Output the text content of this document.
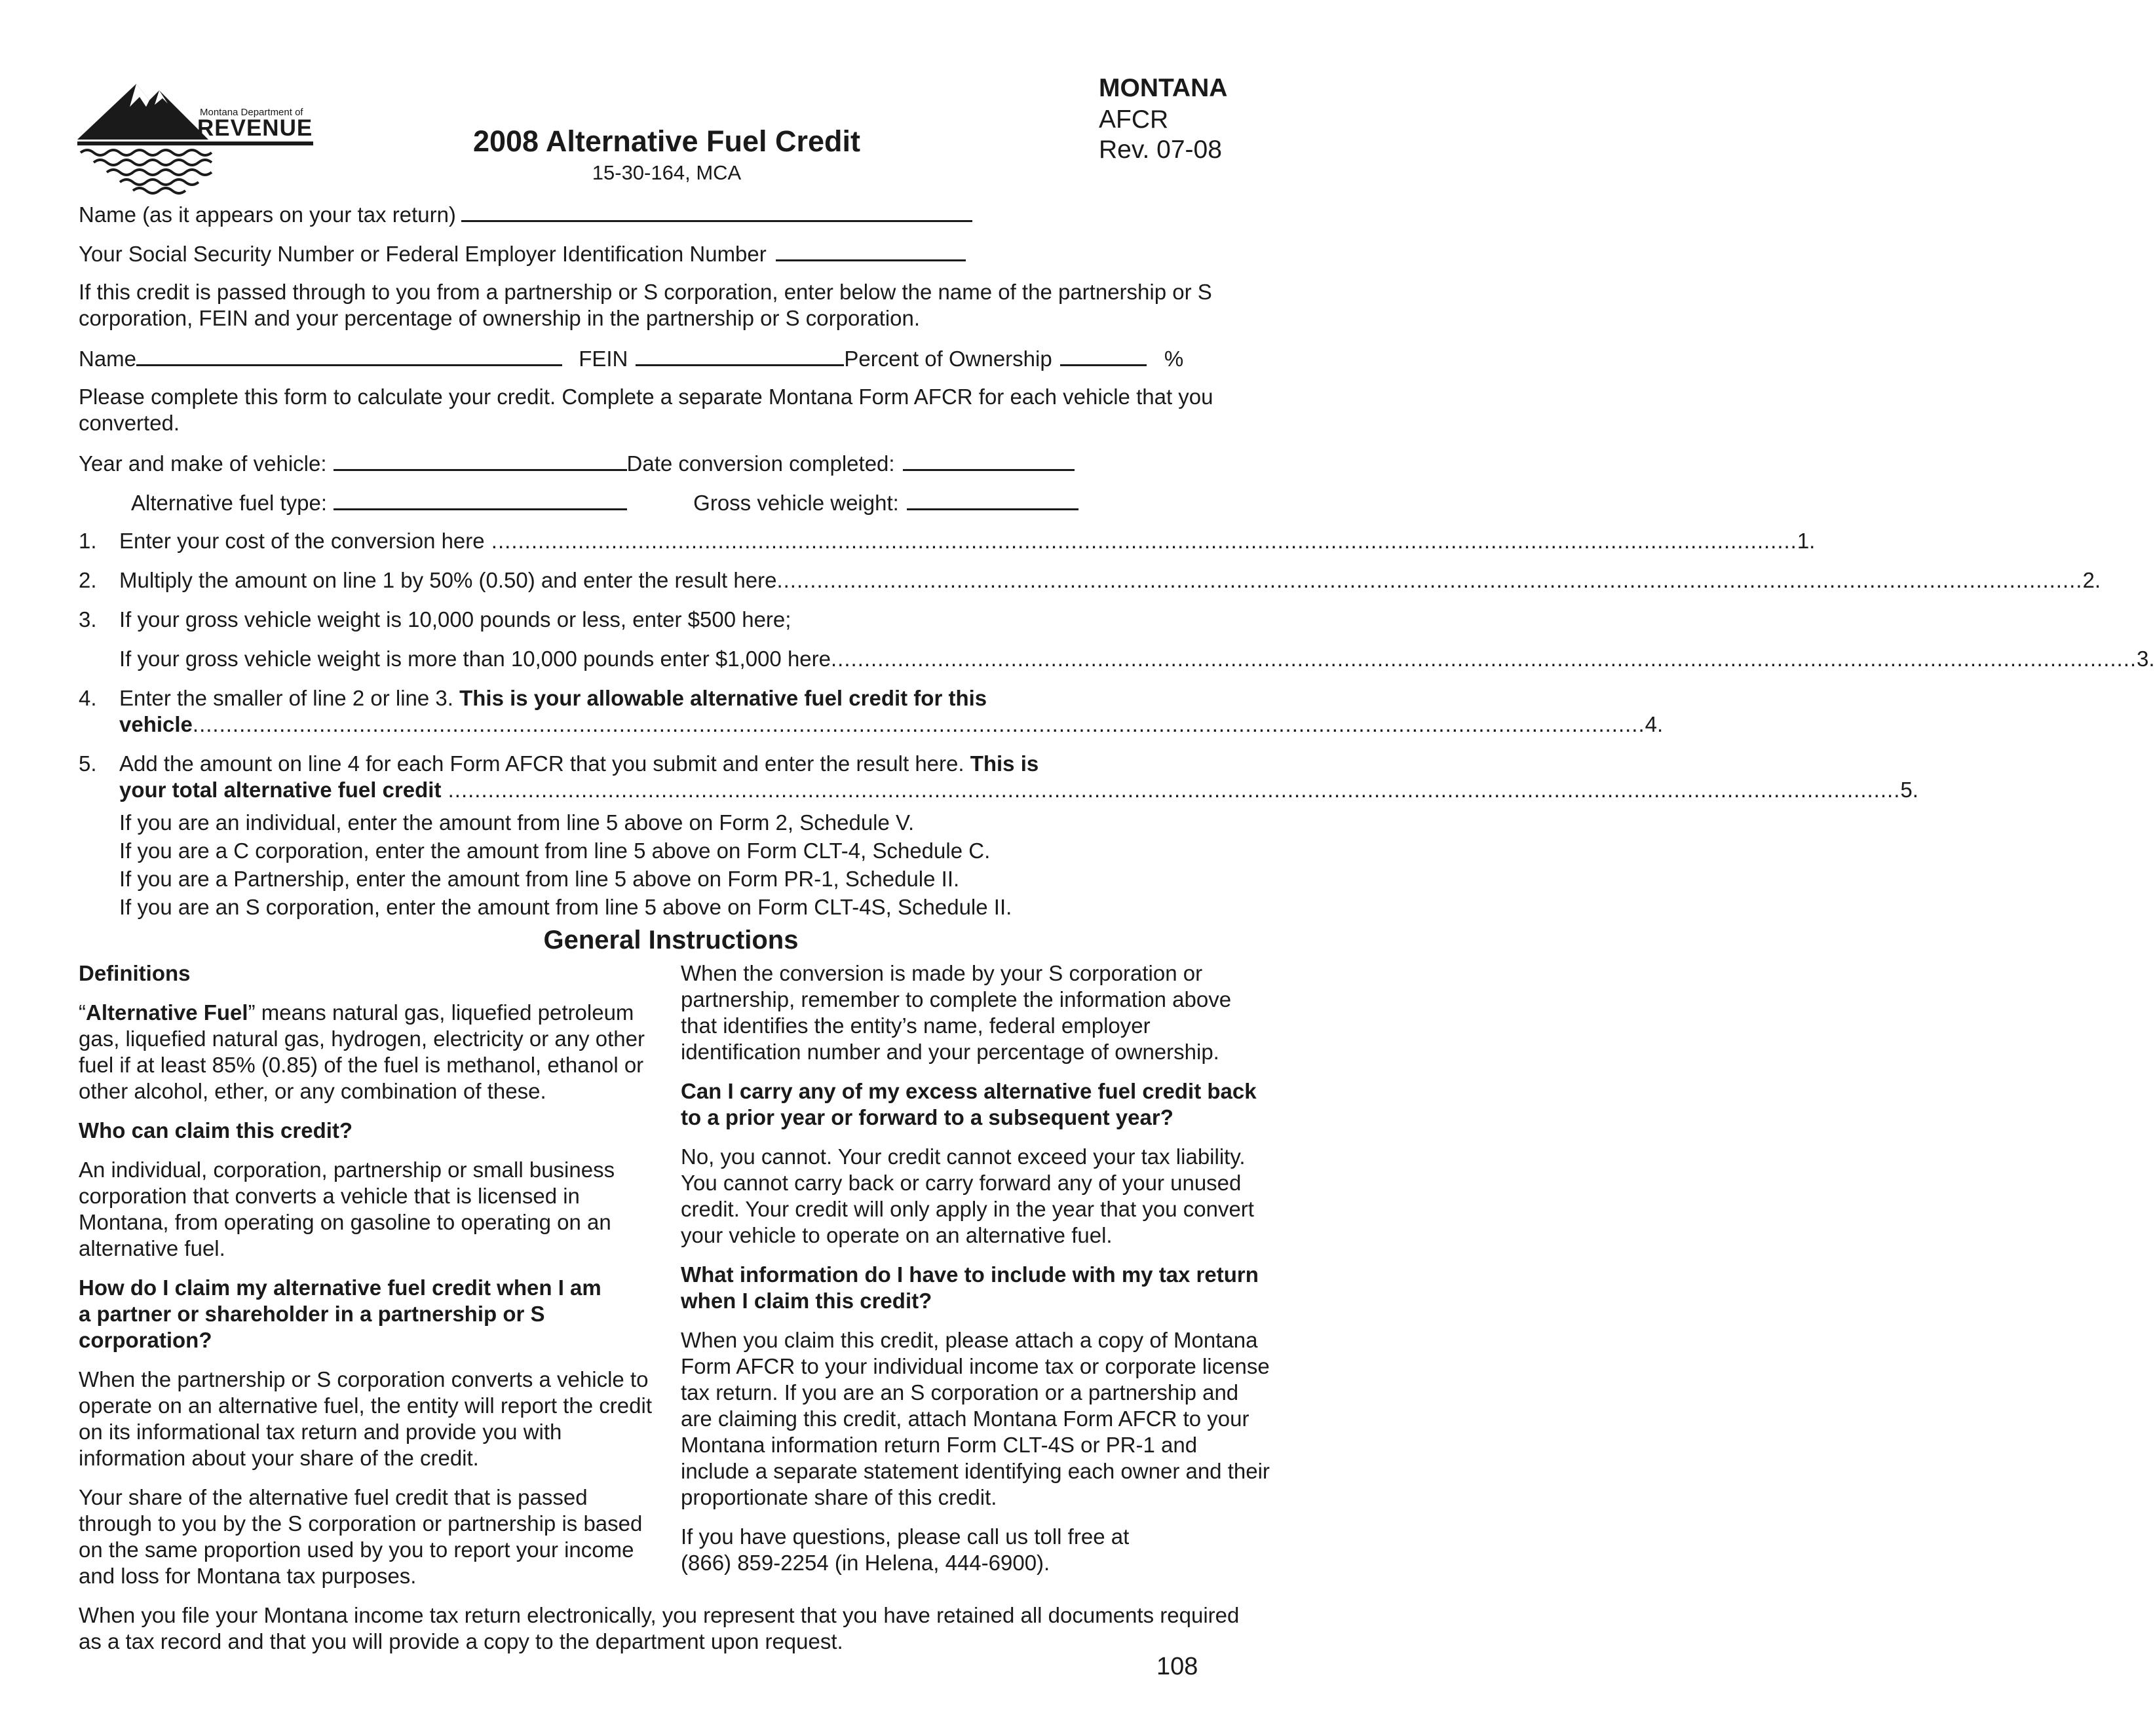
Montana Department of
REVENUE	2008 Alternative Fuel Credit
15-30-164, MCA
MONTANA
AFCR
Rev. 07-08
Name (as it appears on your tax return)
Your Social Security Number or Federal Employer Identification Number
If this credit is passed through to you from a partnership or S corporation, enter below the name of the partnership or S corporation, FEIN and your percentage of ownership in the partnership or S corporation.
Name	FEIN	Percent of Ownership	%
Please complete this form to calculate your credit. Complete a separate Montana Form AFCR for each vehicle that you converted.
Year and make of vehicle:	Date conversion completed:
Alternative fuel type:	Gross vehicle weight:
1. Enter your cost of the conversion here .................................................................................................................................................................................................... 1.
2. Multiply the amount on line 1 by 50% (0.50) and enter the result here .................................................................................................................................................................................................... 2.
3. If your gross vehicle weight is 10,000 pounds or less, enter $500 here;
If your gross vehicle weight is more than 10,000 pounds enter $1,000 here .................................................................................................................................................................................................... 3.
4. Enter the smaller of line 2 or line 3. This is your allowable alternative fuel credit for this
vehicle .......................................................................................................................................................................................................................... 4.
5. Add the amount on line 4 for each Form AFCR that you submit and enter the result here. This is
your total alternative fuel credit .......................................................................................................................................................................................................................... 5.
If you are an individual, enter the amount from line 5 above on Form 2, Schedule V.
If you are a C corporation, enter the amount from line 5 above on Form CLT-4, Schedule C.
If you are a Partnership, enter the amount from line 5 above on Form PR-1, Schedule II.
If you are an S corporation, enter the amount from line 5 above on Form CLT-4S, Schedule II.
General Instructions
Definitions

“Alternative Fuel” means natural gas, liquefied petroleum gas, liquefied natural gas, hydrogen, electricity or any other fuel if at least 85% (0.85) of the fuel is methanol, ethanol or other alcohol, ether, or any combination of these.

Who can claim this credit?

An individual, corporation, partnership or small business corporation that converts a vehicle that is licensed in Montana, from operating on gasoline to operating on an alternative fuel.

How do I claim my alternative fuel credit when I am a partner or shareholder in a partnership or S corporation?

When the partnership or S corporation converts a vehicle to operate on an alternative fuel, the entity will report the credit on its informational tax return and provide you with information about your share of the credit.

Your share of the alternative fuel credit that is passed through to you by the S corporation or partnership is based on the same proportion used by you to report your income and loss for Montana tax purposes.

When the conversion is made by your S corporation or partnership, remember to complete the information above that identifies the entity’s name, federal employer identification number and your percentage of ownership.

Can I carry any of my excess alternative fuel credit back to a prior year or forward to a subsequent year?

No, you cannot. Your credit cannot exceed your tax liability. You cannot carry back or carry forward any of your unused credit. Your credit will only apply in the year that you convert your vehicle to operate on an alternative fuel.

What information do I have to include with my tax return when I claim this credit?

When you claim this credit, please attach a copy of Montana Form AFCR to your individual income tax or corporate license tax return. If you are an S corporation or a partnership and are claiming this credit, attach Montana Form AFCR to your Montana information return Form CLT-4S or PR-1 and include a separate statement identifying each owner and their proportionate share of this credit.

If you have questions, please call us toll free at
(866) 859-2254 (in Helena, 444-6900).

When you file your Montana income tax return electronically, you represent that you have retained all documents required as a tax record and that you will provide a copy to the department upon request.
108
